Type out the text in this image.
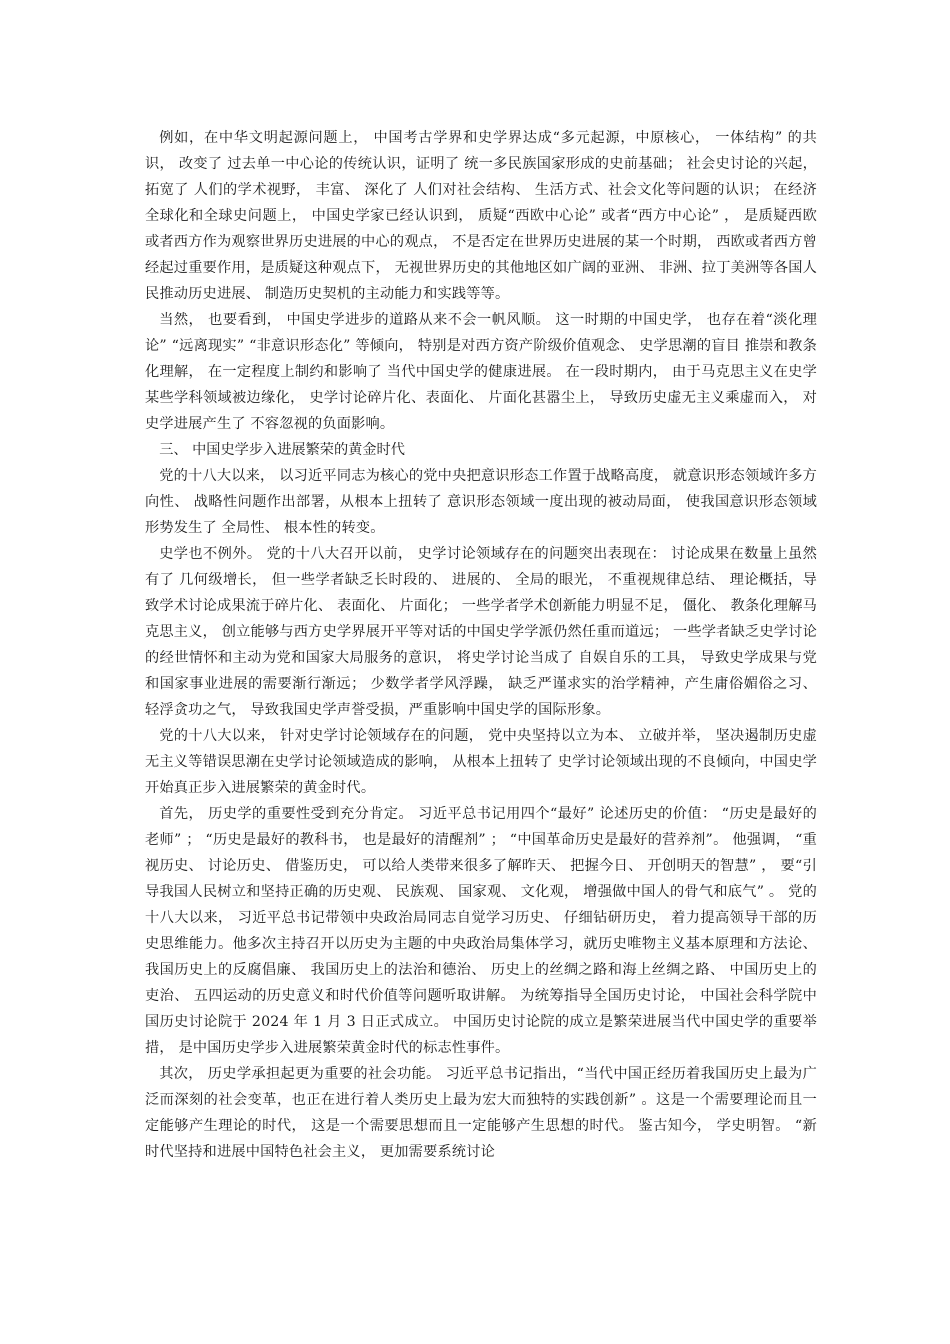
例如，在中华文明起源问题上， 中国考古学界和史学界达成“多元起源，中原核心， 一体结构” 的共识， 改变了 过去单一中心论的传统认识，证明了 统一多民族国家形成的史前基础； 社会史讨论的兴起，拓宽了 人们的学术视野， 丰富、 深化了 人们对社会结构、 生活方式、社会文化等问题的认识； 在经济全球化和全球史问题上， 中国史学家已经认识到， 质疑“西欧中心论” 或者“西方中心论” ， 是质疑西欧或者西方作为观察世界历史进展的中心的观点， 不是否定在世界历史进展的某一个时期， 西欧或者西方曾经起过重要作用，是质疑这种观点下， 无视世界历史的其他地区如广阔的亚洲、 非洲、拉丁美洲等各国人民推动历史进展、 制造历史契机的主动能力和实践等等。

当然， 也要看到， 中国史学进步的道路从来不会一帆风顺。 这一时期的中国史学， 也存在着“淡化理论” “远离现实” “非意识形态化” 等倾向， 特别是对西方资产阶级价值观念、 史学思潮的盲目 推崇和教条化理解， 在一定程度上制约和影响了 当代中国史学的健康进展。 在一段时期内， 由于马克思主义在史学某些学科领域被边缘化， 史学讨论碎片化、表面化、 片面化甚嚣尘上， 导致历史虚无主义乘虚而入， 对史学进展产生了 不容忽视的负面影响。

三、 中国史学步入进展繁荣的黄金时代

党的十八大以来， 以习近平同志为核心的党中央把意识形态工作置于战略高度， 就意识形态领域许多方向性、 战略性问题作出部署，从根本上扭转了 意识形态领域一度出现的被动局面， 使我国意识形态领域形势发生了 全局性、 根本性的转变。

史学也不例外。 党的十八大召开以前， 史学讨论领域存在的问题突出表现在： 讨论成果在数量上虽然有了 几何级增长， 但一些学者缺乏长时段的、 进展的、 全局的眼光， 不重视规律总结、 理论概括，导致学术讨论成果流于碎片化、 表面化、 片面化； 一些学者学术创新能力明显不足， 僵化、 教条化理解马克思主义， 创立能够与西方史学界展开平等对话的中国史学学派仍然任重而道远； 一些学者缺乏史学讨论的经世情怀和主动为党和国家大局服务的意识， 将史学讨论当成了 自娱自乐的工具， 导致史学成果与党和国家事业进展的需要渐行渐远； 少数学者学风浮躁， 缺乏严谨求实的治学精神，产生庸俗媚俗之习、 轻浮贪功之气， 导致我国史学声誉受损，严重影响中国史学的国际形象。

党的十八大以来， 针对史学讨论领域存在的问题， 党中央坚持以立为本、 立破并举， 坚决遏制历史虚无主义等错误思潮在史学讨论领域造成的影响， 从根本上扭转了 史学讨论领域出现的不良倾向，中国史学开始真正步入进展繁荣的黄金时代。

首先， 历史学的重要性受到充分肯定。 习近平总书记用四个“最好” 论述历史的价值： “历史是最好的老师” ； “历史是最好的教科书， 也是最好的清醒剂” ； “中国革命历史是最好的营养剂”。 他强调， “重视历史、 讨论历史、 借鉴历史， 可以给人类带来很多了解昨天、 把握今日、 开创明天的智慧” ， 要“引导我国人民树立和坚持正确的历史观、 民族观、 国家观、 文化观， 增强做中国人的骨气和底气” 。 党的十八大以来， 习近平总书记带领中央政治局同志自觉学习历史、 仔细钻研历史， 着力提高领导干部的历史思维能力。他多次主持召开以历史为主题的中央政治局集体学习，就历史唯物主义基本原理和方法论、 我国历史上的反腐倡廉、 我国历史上的法治和德治、 历史上的丝绸之路和海上丝绸之路、 中国历史上的吏治、 五四运动的历史意义和时代价值等问题听取讲解。 为统筹指导全国历史讨论， 中国社会科学院中国历史讨论院于 2024 年 1 月 3 日正式成立。 中国历史讨论院的成立是繁荣进展当代中国史学的重要举措， 是中国历史学步入进展繁荣黄金时代的标志性事件。

其次， 历史学承担起更为重要的社会功能。 习近平总书记指出，“当代中国正经历着我国历史上最为广泛而深刻的社会变革，也正在进行着人类历史上最为宏大而独特的实践创新” 。这是一个需要理论而且一定能够产生理论的时代， 这是一个需要思想而且一定能够产生思想的时代。 鉴古知今， 学史明智。 “新时代坚持和进展中国特色社会主义， 更加需要系统讨论
